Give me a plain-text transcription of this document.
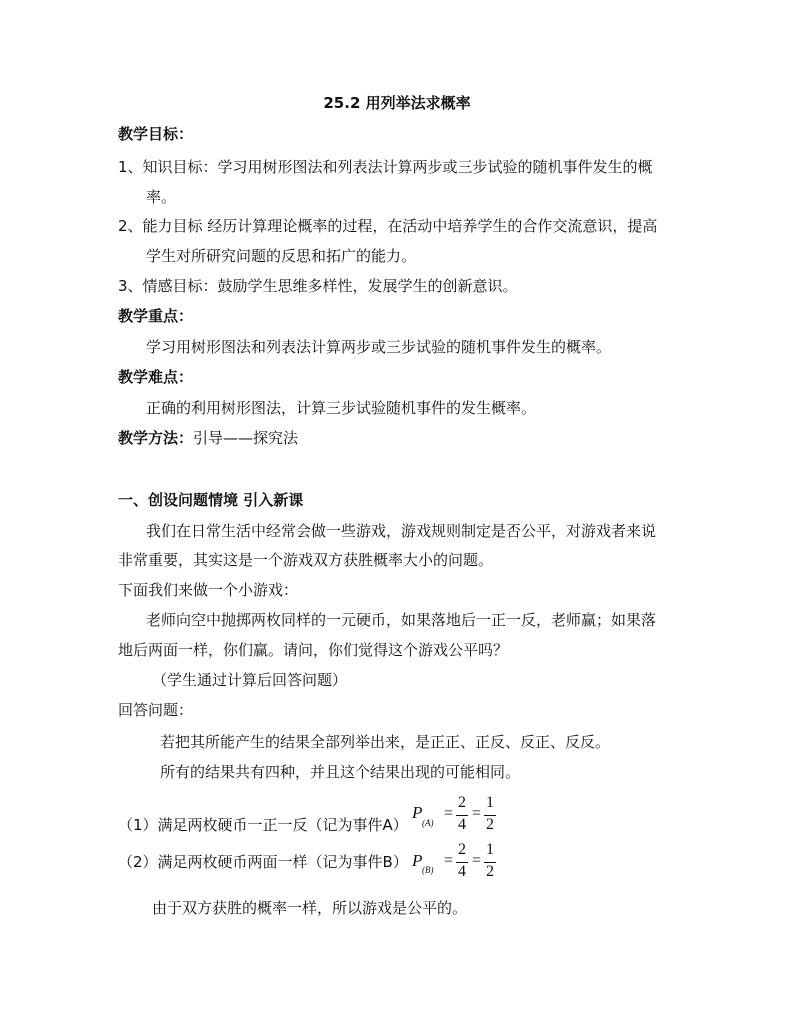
25.2 用列举法求概率
教学目标：
1、知识目标：学习用树形图法和列表法计算两步或三步试验的随机事件发生的概
率。
2、能力目标 经历计算理论概率的过程，在活动中培养学生的合作交流意识，提高
学生对所研究问题的反思和拓广的能力。
3、情感目标：鼓励学生思维多样性，发展学生的创新意识。
教学重点：
学习用树形图法和列表法计算两步或三步试验的随机事件发生的概率。
教学难点：
正确的利用树形图法，计算三步试验随机事件的发生概率。
教学方法：引导——探究法
一、创设问题情境 引入新课
我们在日常生活中经常会做一些游戏，游戏规则制定是否公平，对游戏者来说
非常重要，其实这是一个游戏双方获胜概率大小的问题。
下面我们来做一个小游戏：
老师向空中抛掷两枚同样的一元硬币，如果落地后一正一反，老师赢；如果落
地后两面一样，你们赢。请问，你们觉得这个游戏公平吗？
（学生通过计算后回答问题）
回答问题：
若把其所能产生的结果全部列举出来，是正正、正反、反正、反反。
所有的结果共有四种，并且这个结果出现的可能相同。
（1）满足两枚硬币一正一反（记为事件A）
P
(A)
=
2
4
=
1
2
（2）满足两枚硬币两面一样（记为事件B） P (B)
=
2
4
=
1
2
由于双方获胜的概率一样，所以游戏是公平的。
